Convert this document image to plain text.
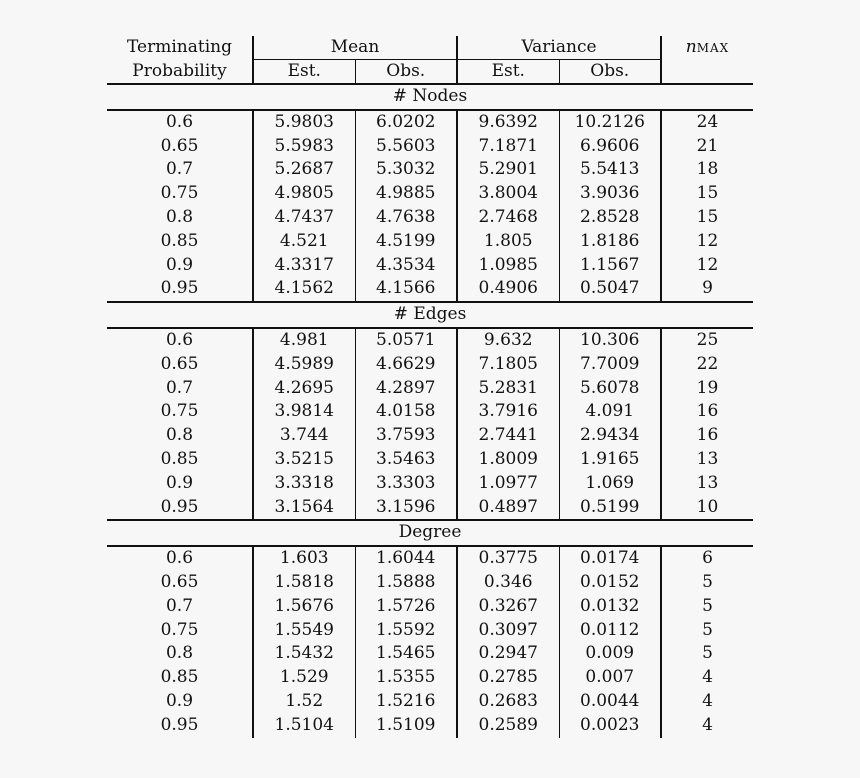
Terminating	Mean		Variance		nMAX
Probability	Est.	Obs.	Est.	Obs.	
# Nodes					
0.6	5.9803	6.0202	9.6392	10.2126	24
0.65	5.5983	5.5603	7.1871	6.9606	21
0.7	5.2687	5.3032	5.2901	5.5413	18
0.75	4.9805	4.9885	3.8004	3.9036	15
0.8	4.7437	4.7638	2.7468	2.8528	15
0.85	4.521	4.5199	1.805	1.8186	12
0.9	4.3317	4.3534	1.0985	1.1567	12
0.95	4.1562	4.1566	0.4906	0.5047	9
# Edges					
0.6	4.981	5.0571	9.632	10.306	25
0.65	4.5989	4.6629	7.1805	7.7009	22
0.7	4.2695	4.2897	5.2831	5.6078	19
0.75	3.9814	4.0158	3.7916	4.091	16
0.8	3.744	3.7593	2.7441	2.9434	16
0.85	3.5215	3.5463	1.8009	1.9165	13
0.9	3.3318	3.3303	1.0977	1.069	13
0.95	3.1564	3.1596	0.4897	0.5199	10
Degree					
0.6	1.603	1.6044	0.3775	0.0174	6
0.65	1.5818	1.5888	0.346	0.0152	5
0.7	1.5676	1.5726	0.3267	0.0132	5
0.75	1.5549	1.5592	0.3097	0.0112	5
0.8	1.5432	1.5465	0.2947	0.009	5
0.85	1.529	1.5355	0.2785	0.007	4
0.9	1.52	1.5216	0.2683	0.0044	4
0.95	1.5104	1.5109	0.2589	0.0023	4
